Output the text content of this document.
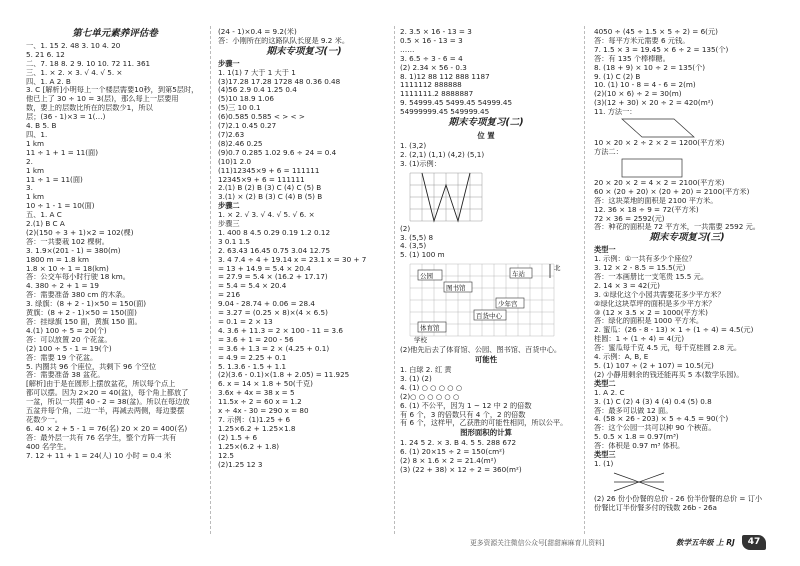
第七单元素养评估卷
一、1. 15 2. 48 3. 10 4. 20
5. 21 6. 12
二、7. 18 8. 2 9. 10 10. 72 11. 361
三、1. × 2. × 3. √ 4. √ 5. ×
四、1. A 2. B
3. C [解析]小明每上一个楼层需要10秒，到第5层时，
他已上了 30 ÷ 10 = 3(层)，那么每上一层要用
数，要上的层数比所在的层数少1，所以
层；(36 - 1)×3 = 1(…)
4. B 5. B
四、1.
1 km
11 ÷ 1 + 1 = 11(面)
2.
1 km
11 ÷ 1 = 11(面)
3.
1 km
10 ÷ 1 - 1 = 10(面)
五、1. A C
2.(1) B C A
(2)(150 ÷ 3 + 1)×2 = 102(棵)
答：一共要栽 102 棵树。
3. 1.9×(201 - 1) = 380(m)
1800 m = 1.8 km
1.8 × 10 ÷ 1 = 18(km)
答：公交车每小时行驶 18 km。
4. 380 ÷ 2 + 1 = 19
答：需要准备 380 cm 的木条。
3. 绿旗：(8 + 2 - 1)×50 = 150(面)
黄旗：(8 + 2 - 1)×50 = 150(面)
答：挂绿旗 150 面，黄旗 150 面。
4.(1) 100 ÷ 5 = 20(个)
答：可以放置 20 个花盆。
(2) 100 ÷ 5 - 1 = 19(个)
答：需要 19 个花盆。
5. 内圈共 96 个座位，共剩下 96 个空位
答：需要准备 38 盆花。
[解析]由于是在圆形上摆放盆花，所以每个点上
都可以摆。因为 2×20 = 40(盆)，每个角上都放了
一盆，所以一共摆 40 - 2 = 38(盆)。所以在每边放
五盆并每个角，二边一半，再减去两侧，每边要摆
花数少一。
6. 40 × 2 + 5 - 1 = 76(名) 20 × 20 = 400(名)
答：最外层一共有 76 名学生，整个方阵一共有
400 名学生。
7. 12 + 11 + 1 = 24(人) 10 小时 = 0.4 米
(24 - 1)×0.4 = 9.2(米)
答：小刚所在的这路队队长度是 9.2 米。
期末专项复习(一)
步骤一
1. 1(1) 7 大于 1 大于 1
(3)17.28 17.28 1728 48 0.36 0.48
(4)56 2.9 0.4 1.25 0.4
(5)10 18.9 1.06
(5)三 10 0.1
(6)0.585 0.585 < > < >
(7)2.1 0.45 0.27
(7)2.63
(8)2.46 0.25
(9)0.7 0.285 1.02 9.6 ÷ 24 = 0.4
(10)1 2.0
(11)12345×9 + 6 = 111111
12345×9 + 6 = 111111
2.(1) B (2) B (3) C (4) C (5) B
3.(1) × (2) B (3) C (4) B (5) B
步骤二
1. × 2. √ 3. √ 4. √ 5. √ 6. ×
步骤三
1. 400 8 4.5 0.29 0.19 1.2 0.12
3 0.1 1.5
2. 63.43 16.45 0.75 3.04 12.75
3. 4 7.4 ÷ 4 + 19.14 x = 23.1 x = 30 + 7
= 13 + 14.9 = 5.4 × 20.4
= 27.9 = 5.4 × (16.2 + 17.17)
= 5.4 = 5.4 × 20.4
= 216
9.04 - 28.74 + 0.06 = 28.4
= 3.27 = (0.25 × 8)×(4 × 6.5)
= 0.1 = 2 × 13
4. 3.6 + 11.3 = 2 × 100 - 11 = 3.6
= 3.6 + 1 = 200 - 56
= 3.6 + 1.3 = 2 × (4.25 + 0.1)
= 4.9 = 2.25 + 0.1
5. 1.3.6 - 1.5 + 1.1
(2)(3.6 - 0.1)×(1.8 + 2.05) = 11.925
6. x = 14 × 1.8 + 50(千克)
3.6x + 4x = 38 x = 5
11.5x ÷ 2 = 60 x = 1.2
x ÷ 4x - 30 = 290 x = 80
7. 示例：(1)1.25 + 6
1.25×6.2 + 1.25×1.8
(2) 1.5 + 6
1.25×(6.2 + 1.8)
12.5
(2)1.25 12 3
2. 3.5 × 16 - 13 = 3
0.5 × 16 - 13 = 3
……
3. 6.5 ÷ 3 - 6 = 4
(2) 2.34 × 56 - 0.3
8. 1)12 88 112 888 1187
1111112 888888
1111111.2 8888887
9. 54999.45 5499.45 54999.45
54999999.45 549999.45
期末专项复习(二)
位 置
1. (3,2)
2. (2,1) (1,1) (4,2) (5,1)
3. (1)示例：
(2)
3. (5,5) 8
4. (3,5)
5. (1) 100 m
公园
图书馆
车站
少年宫
百货中心
体育馆
学校
北
(2)他先后去了体育馆、公园、图书馆、百货中心。
可能性
1. 白球 2. 红 黄
3. (1) (2)
4. (1) ○ ○ ○ ○ ○
(2)○ ○ ○ ○ ○ ○
6. (1) 不公平，因为 1 ~ 12 中 2 的倍数
有 6 个，3 的倍数只有 4 个，2 的倍数
有 6 个，这样甲，乙获胜的可能性相同，所以公平。
图形面积的计算
1. 24 5 2. × 3. B 4. 5 5. 288 672
6. (1) 20×15 ÷ 2 = 150(cm²)
(2) 8 × 1.6 × 2 = 21.4(m²)
(3) (22 + 38) × 12 ÷ 2 = 360(m²)
4050 ÷ (45 ÷ 1.5 × 5 ÷ 2) = 6(元)
答：每平方米元需要 6 元钱。
7. 1.5 × 3 = 19.45 × 6 ÷ 2 = 135(个)
答：有 135 个棒棒糖。
8. (18 + 9) × 10 ÷ 2 = 135(个)
9. (1) C (2) B
10. (1) 10 - 8 = 4 - 6 = 2(m)
(2)(10 × 6) ÷ 2 = 30(m)
(3)(12 + 30) × 20 ÷ 2 = 420(m²)
11. 方法一：
10 × 20 × 2 ÷ 2 × 2 = 1200(平方米)
方法二：
20 × 20 × 2 = 4 × 2 = 2100(平方米)
60 × (20 + 20) × (20 + 20) = 2100(平方米)
答：这块菜地的面积是 2100 平方米。
12. 36 × 18 ÷ 9 = 72(平方米)
72 × 36 = 2592(元)
答：种花的面积是 72 平方米，一共需要 2592 元。
期末专项复习(三)
类型一
1. 示例：①一共有多少个座位？
3. 12 × 2 - 8.5 = 15.5(元)
答：一本画册比一支笔贵 15.5 元。
2. 14 × 3 = 42(元)
3. ①绿化这个小园共需要花多少平方米？
②绿化这块草坪的面积是多少平方米？
③ (12 × 3.5 × 2 = 1000(平方米)
答：绿化的面积是 1000 平方米。
2. 蜜瓜：(26 - 8 - 13) × 1 ÷ (1 ÷ 4) = 4.5(元)
桂圆：1 ÷ (1 ÷ 4) = 4(元)
答：蜜瓜每千克 4.5 元，每千克桂圆 2.8 元。
4. 示例：A, B, E
5. (1) 107 ÷ (2 + 107) = 10.5(元)
(2) 小静用剩余的钱还能再买 5 本(数学乐园)。
类型二
1. A 2. C
3. (1) C (2) 4 (3) 4 (4) 0.4 (5) 0.8
答：最多可以做 12 面。
4. (58 × 26 - 203) × 5 ÷ 4.5 = 90(个)
答：这个公园一共可以种 90 个秧苗。
5. 0.5 × 1.8 = 0.97(m³)
答：体积是 0.97 m³ 体积。
类型三
1. (1)
(2) 26 份小份餐的总价 - 26 份半份餐的总价 = 订小
份餐比订半份餐多付的钱数 26b - 26a
更多资源关注微信公众号[甜甜麻麻育儿资料]	数学五年级 上 RJ	47
